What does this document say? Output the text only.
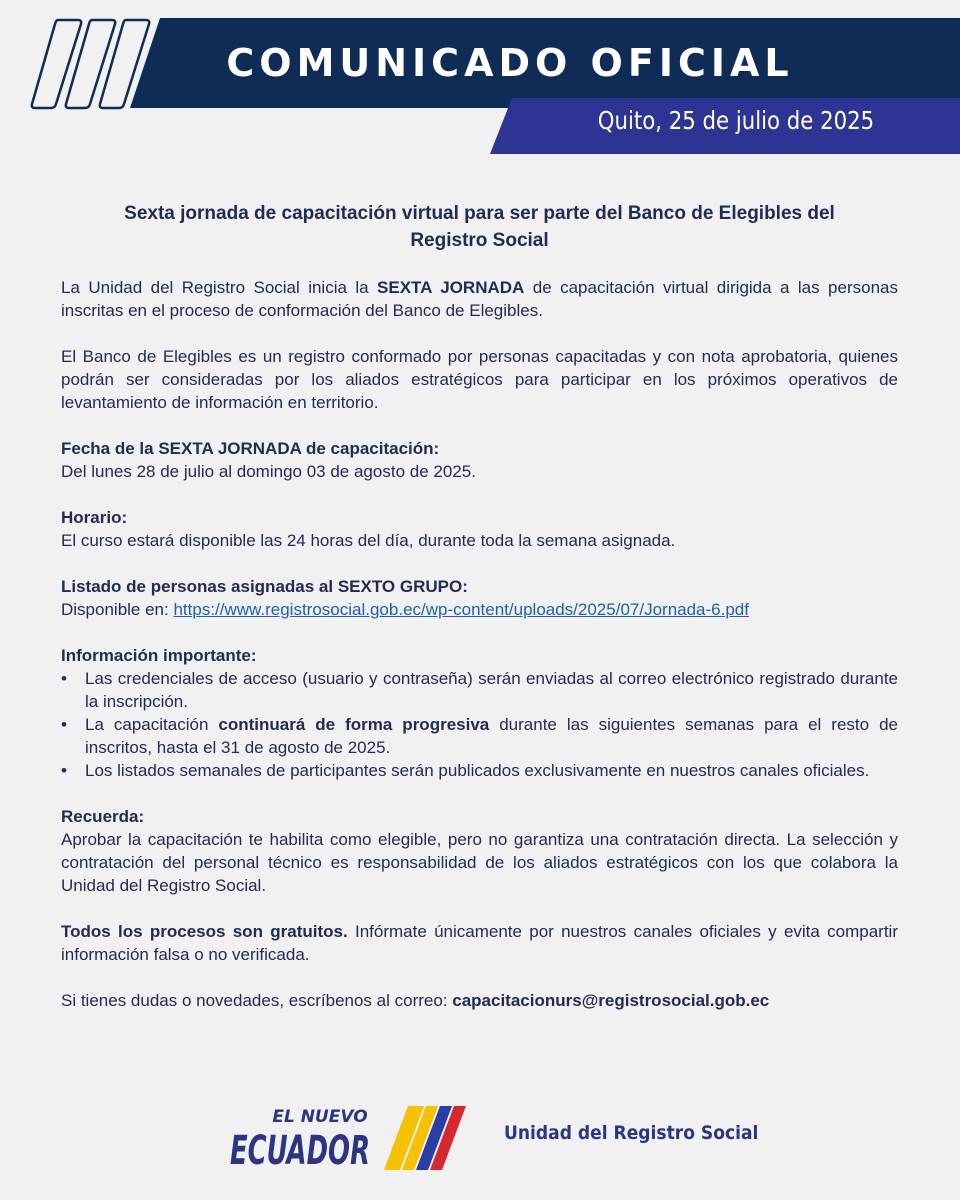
COMUNICADO OFICIAL
Quito, 25 de julio de 2025
Sexta jornada de capacitación virtual para ser parte del Banco de Elegibles del Registro Social

La Unidad del Registro Social inicia la SEXTA JORNADA de capacitación virtual dirigida a las personas inscritas en el proceso de conformación del Banco de Elegibles.

El Banco de Elegibles es un registro conformado por personas capacitadas y con nota aprobatoria, quienes podrán ser consideradas por los aliados estratégicos para participar en los próximos operativos de levantamiento de información en territorio.

Fecha de la SEXTA JORNADA de capacitación:
Del lunes 28 de julio al domingo 03 de agosto de 2025.

Horario:
El curso estará disponible las 24 horas del día, durante toda la semana asignada.

Listado de personas asignadas al SEXTO GRUPO:
Disponible en: https://www.registrosocial.gob.ec/wp-content/uploads/2025/07/Jornada-6.pdf

Información importante:
• Las credenciales de acceso (usuario y contraseña) serán enviadas al correo electrónico registrado durante la inscripción.
• La capacitación continuará de forma progresiva durante las siguientes semanas para el resto de inscritos, hasta el 31 de agosto de 2025.
• Los listados semanales de participantes serán publicados exclusivamente en nuestros canales oficiales.

Recuerda:
Aprobar la capacitación te habilita como elegible, pero no garantiza una contratación directa. La selección y contratación del personal técnico es responsabilidad de los aliados estratégicos con los que colabora la Unidad del Registro Social.

Todos los procesos son gratuitos. Infórmate únicamente por nuestros canales oficiales y evita compartir información falsa o no verificada.

Si tienes dudas o novedades, escríbenos al correo: capacitacionurs@registrosocial.gob.ec

EL NUEVO
ECUADOR	Unidad del Registro Social
